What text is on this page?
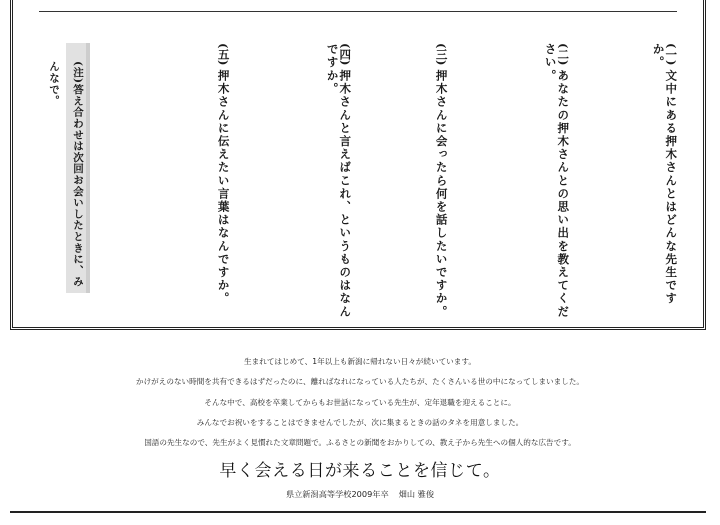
(一)文中にある押木さんとはどんな先生ですか。
(二)あなたの押木さんとの思い出を教えてください。
(三)押木さんに会ったら何を話したいですか。
(四)押木さんと言えばこれ、というものはなんですか。
(五)押木さんに伝えたい言葉はなんですか。
(注)答え合わせは次回お会いしたときに、みんなで。

生まれてはじめて、1年以上も新潟に帰れない日々が続いています。

かけがえのない時間を共有できるはずだったのに、離ればなれになっている人たちが、たくさんいる世の中になってしまいました。

そんな中で、高校を卒業してからもお世話になっている先生が、定年退職を迎えることに。

みんなでお祝いをすることはできませんでしたが、次に集まるときの話のタネを用意しました。

国語の先生なので、先生がよく見慣れた文章問題で。ふるさとの新聞をおかりしての、教え子から先生への個人的な広告です。

早く会える日が来ることを信じて。
県立新潟高等学校2009年卒 畑山 雅俊
